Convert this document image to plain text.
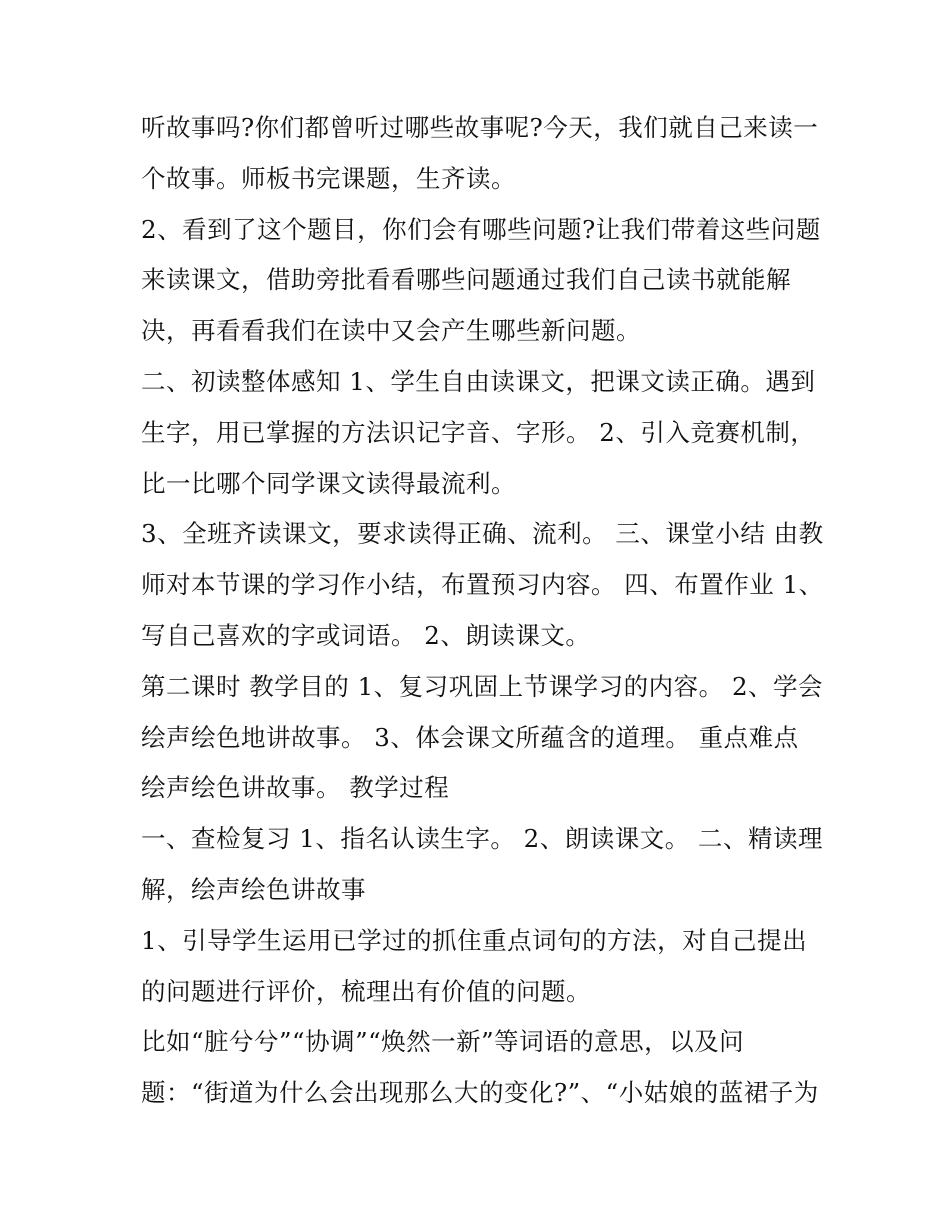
听故事吗?你们都曾听过哪些故事呢?今天，我们就自己来读一
个故事。师板书完课题，生齐读。
2、看到了这个题目，你们会有哪些问题?让我们带着这些问题
来读课文，借助旁批看看哪些问题通过我们自己读书就能解
决，再看看我们在读中又会产生哪些新问题。
二、初读整体感知 1、学生自由读课文，把课文读正确。遇到
生字，用已掌握的方法识记字音、字形。 2、引入竞赛机制，
比一比哪个同学课文读得最流利。
3、全班齐读课文，要求读得正确、流利。 三、课堂小结 由教
师对本节课的学习作小结，布置预习内容。 四、布置作业 1、
写自己喜欢的字或词语。 2、朗读课文。
第二课时 教学目的 1、复习巩固上节课学习的内容。 2、学会
绘声绘色地讲故事。 3、体会课文所蕴含的道理。 重点难点
绘声绘色讲故事。 教学过程
一、查检复习 1、指名认读生字。 2、朗读课文。 二、精读理
解，绘声绘色讲故事
1、引导学生运用已学过的抓住重点词句的方法，对自己提出
的问题进行评价，梳理出有价值的问题。
比如“脏兮兮”“协调”“焕然一新”等词语的意思，以及问
题：“街道为什么会出现那么大的变化?”、“小姑娘的蓝裙子为
